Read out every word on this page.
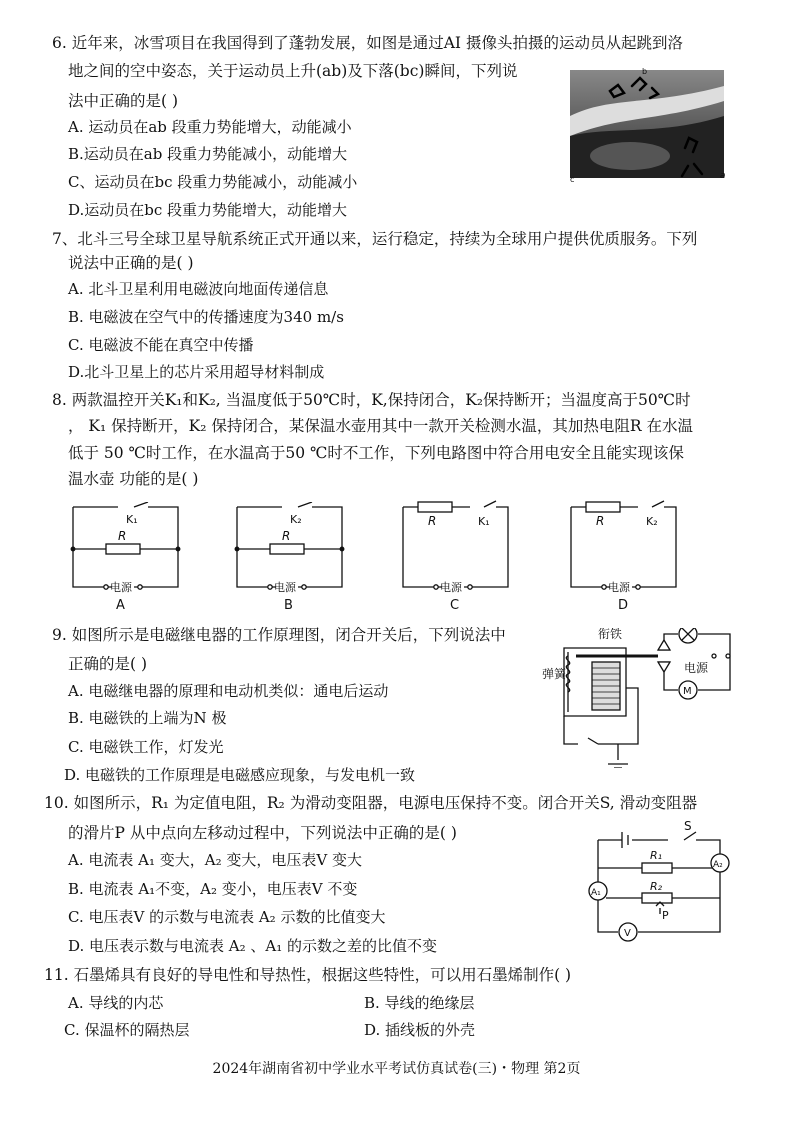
6. 近年来，冰雪项目在我国得到了蓬勃发展，如图是通过AI 摄像头拍摄的运动员从起跳到洛
地之间的空中姿态，关于运动员上升(ab)及下落(bc)瞬间，下列说
法中正确的是( )
A. 运动员在ab 段重力势能增大，动能减小
B.运动员在ab 段重力势能减小，动能增大
C、运动员在bc 段重力势能减小，动能减小
D.运动员在bc 段重力势能增大，动能增大
b
c	a
7、北斗三号全球卫星导航系统正式开通以来，运行稳定，持续为全球用户提供优质服务。下列
说法中正确的是( )
A. 北斗卫星利用电磁波向地面传递信息
B. 电磁波在空气中的传播速度为340 m/s
C. 电磁波不能在真空中传播
D.北斗卫星上的芯片采用超导材料制成
8. 两款温控开关K₁和K₂, 当温度低于50℃时，K,保持闭合，K₂保持断开；当温度高于50℃时
， K₁ 保持断开，K₂ 保持闭合，某保温水壶用其中一款开关检测水温，其加热电阻R 在水温
低于 50 ℃时工作，在水温高于50 ℃时不工作，下列电路图中符合用电安全且能实现该保
温水壶 功能的是( )
K₁
R
电源
A
K₂
R
电源
B
R	K₁
电源
C
R	K₂
电源
D
9. 如图所示是电磁继电器的工作原理图，闭合开关后，下列说法中
正确的是( )
A. 电磁继电器的原理和电动机类似：通电后运动
B. 电磁铁的上端为N 极
C. 电磁铁工作，灯发光
D. 电磁铁的工作原理是电磁感应现象，与发电机一致
衔铁
弹簧	电源
M
10. 如图所示，R₁ 为定值电阻，R₂ 为滑动变阻器，电源电压保持不变。闭合开关S, 滑动变阻器
的滑片P 从中点向左移动过程中，下列说法中正确的是( )
A. 电流表 A₁ 变大，A₂ 变大，电压表V 变大
B. 电流表 A₁不变，A₂ 变小，电压表V 不变
C. 电压表V 的示数与电流表 A₂ 示数的比值变大
D. 电压表示数与电流表 A₂ 、A₁ 的示数之差的比值不变
S
R₁
R₂
P
A₁
A₂
V
11. 石墨烯具有良好的导电性和导热性，根据这些特性，可以用石墨烯制作( )
A. 导线的内芯	B. 导线的绝缘层
C. 保温杯的隔热层	D. 插线板的外壳
2024年湖南省初中学业水平考试仿真试卷(三)・物理 第2页
